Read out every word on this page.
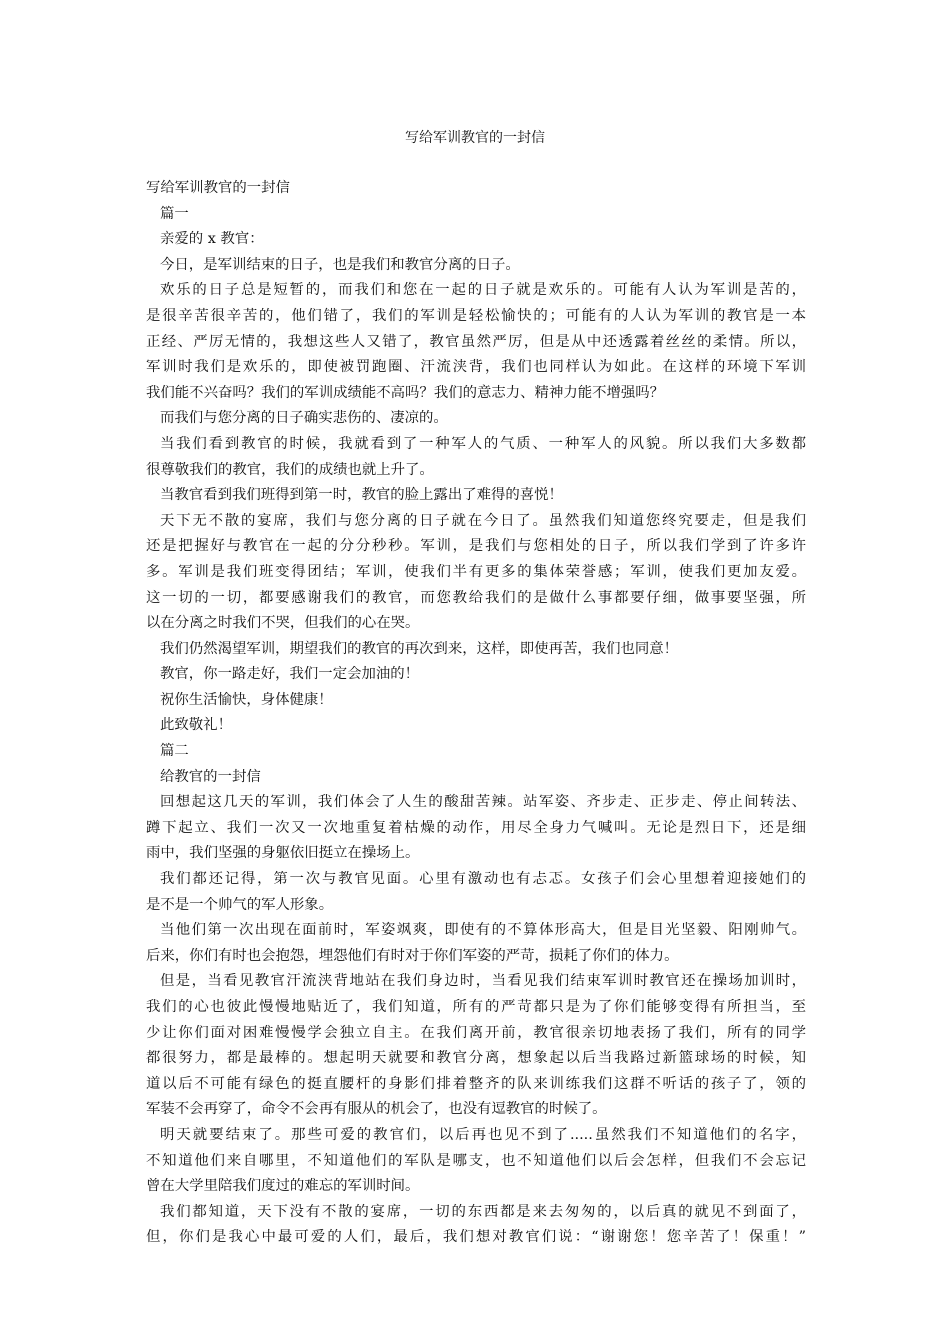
写给军训教官的一封信
写给军训教官的一封信
篇一
亲爱的 x 教官：
今日，是军训结束的日子，也是我们和教官分离的日子。
欢乐的日子总是短暂的，而我们和您在一起的日子就是欢乐的。可能有人认为军训是苦的，
是很辛苦很辛苦的，他们错了，我们的军训是轻松愉快的；可能有的人认为军训的教官是一本
正经、严厉无情的，我想这些人又错了，教官虽然严厉，但是从中还透露着丝丝的柔情。所以，
军训时我们是欢乐的，即使被罚跑圈、汗流浃背，我们也同样认为如此。在这样的环境下军训
我们能不兴奋吗？我们的军训成绩能不高吗？我们的意志力、精神力能不增强吗？
而我们与您分离的日子确实悲伤的、凄凉的。
当我们看到教官的时候，我就看到了一种军人的气质、一种军人的风貌。所以我们大多数都
很尊敬我们的教官，我们的成绩也就上升了。
当教官看到我们班得到第一时，教官的脸上露出了难得的喜悦！
天下无不散的宴席，我们与您分离的日子就在今日了。虽然我们知道您终究要走，但是我们
还是把握好与教官在一起的分分秒秒。军训，是我们与您相处的日子，所以我们学到了许多许
多。军训是我们班变得团结；军训，使我们半有更多的集体荣誉感；军训，使我们更加友爱。
这一切的一切，都要感谢我们的教官，而您教给我们的是做什么事都要仔细，做事要坚强，所
以在分离之时我们不哭，但我们的心在哭。
我们仍然渴望军训，期望我们的教官的再次到来，这样，即使再苦，我们也同意！
教官，你一路走好，我们一定会加油的！
祝你生活愉快，身体健康！
此致敬礼！
篇二
给教官的一封信
回想起这几天的军训，我们体会了人生的酸甜苦辣。站军姿、齐步走、正步走、停止间转法、
蹲下起立、我们一次又一次地重复着枯燥的动作，用尽全身力气喊叫。无论是烈日下，还是细
雨中，我们坚强的身躯依旧挺立在操场上。
我们都还记得，第一次与教官见面。心里有激动也有忐忑。女孩子们会心里想着迎接她们的
是不是一个帅气的军人形象。
当他们第一次出现在面前时，军姿飒爽，即使有的不算体形高大，但是目光坚毅、阳刚帅气。
后来，你们有时也会抱怨，埋怨他们有时对于你们军姿的严苛，损耗了你们的体力。
但是，当看见教官汗流浃背地站在我们身边时，当看见我们结束军训时教官还在操场加训时，
我们的心也彼此慢慢地贴近了，我们知道，所有的严苛都只是为了你们能够变得有所担当，至
少让你们面对困难慢慢学会独立自主。在我们离开前，教官很亲切地表扬了我们，所有的同学
都很努力，都是最棒的。想起明天就要和教官分离，想象起以后当我路过新篮球场的时候，知
道以后不可能有绿色的挺直腰杆的身影们排着整齐的队来训练我们这群不听话的孩子了，领的
军装不会再穿了，命令不会再有服从的机会了，也没有逗教官的时候了。
明天就要结束了。那些可爱的教官们，以后再也见不到了.....虽然我们不知道他们的名字，
不知道他们来自哪里，不知道他们的军队是哪支，也不知道他们以后会怎样，但我们不会忘记
曾在大学里陪我们度过的难忘的军训时间。
我们都知道，天下没有不散的宴席，一切的东西都是来去匆匆的，以后真的就见不到面了，
但，你们是我心中最可爱的人们，最后，我们想对教官们说：“谢谢您！您辛苦了！保重！”
